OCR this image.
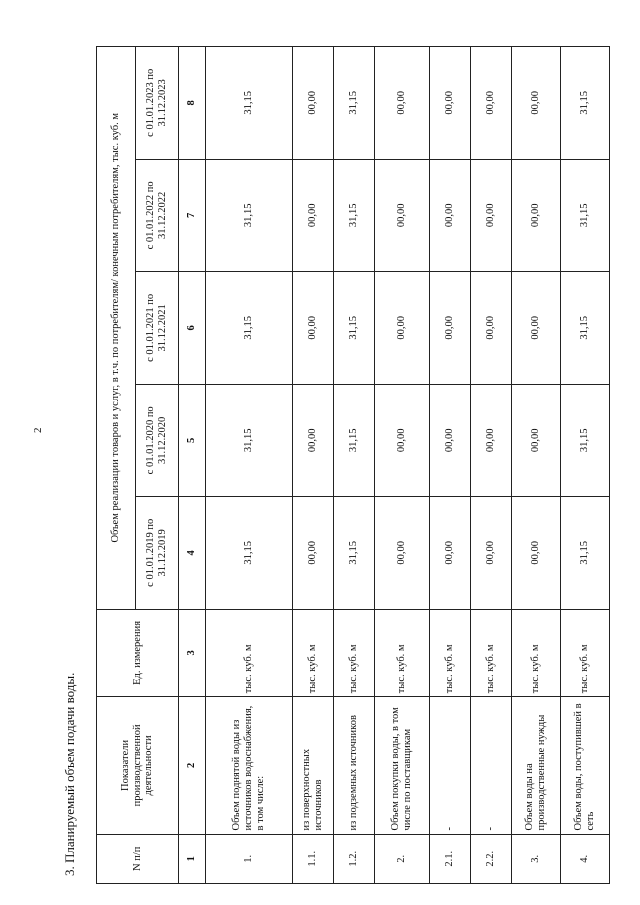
2
3. Планируемый объем подачи воды.	N п/п	Показатели производственной деятельности	Ед. измерения	Объем реализации товаров и услуг, в т.ч. по потребителям/ конечным потребителям, тыс. куб. м				
			с 01.01.2019 по 31.12.2019	с 01.01.2020 по 31.12.2020	с 01.01.2021 по 31.12.2021	с 01.01.2022 по 31.12.2022	с 01.01.2023 по 31.12.2023
1	2	3	4	5	6	7	8
1.	Объем поднятой воды из источников водоснабжения, в том числе:	тыс. куб. м	31,15	31,15	31,15	31,15	31,15
1.1.	из поверхностных источников	тыс. куб. м	00,00	00,00	00,00	00,00	00,00
1.2.	из подземных источников	тыс. куб. м	31,15	31,15	31,15	31,15	31,15
2.	Объем покупки воды, в том числе по поставщикам	тыс. куб. м	00,00	00,00	00,00	00,00	00,00
2.1.	-	тыс. куб. м	00,00	00,00	00,00	00,00	00,00
2.2.	-	тыс. куб. м	00,00	00,00	00,00	00,00	00,00
3.	Объем воды на производственные нужды	тыс. куб. м	00,00	00,00	00,00	00,00	00,00
4.	Объем воды, поступившей в сеть	тыс. куб. м	31,15	31,15	31,15	31,15	31,15
